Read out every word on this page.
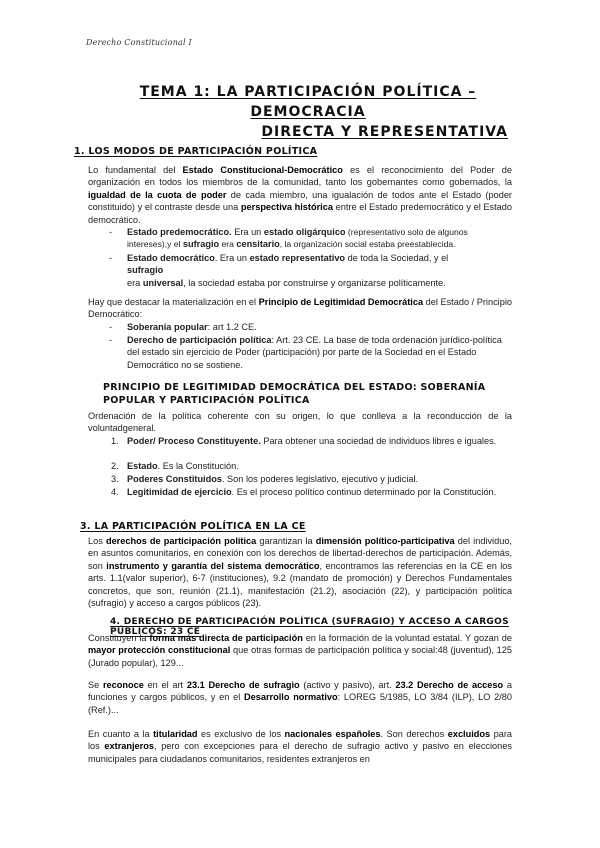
Derecho Constitucional I
TEMA 1: LA PARTICIPACIÓN POLÍTICA – DEMOCRACIA
DIRECTA Y REPRESENTATIVA
1. LOS MODOS DE PARTICIPACIÓN POLÍTICA
Lo fundamental del Estado Constitucional-Democrático es el reconocimiento del Poder de organización en todos los miembros de la comunidad, tanto los gobernantes como gobernados, la igualdad de la cuota de poder de cada miembro, una igualación de todos ante el Estado (poder constituido) y el contraste desde una perspectiva histórica entre el Estado predemocrático y el Estado democrático.
- Estado predemocrático. Era un estado oligárquico (representativo solo de algunos intereses),y el sufragio era censitario, la organización social estaba preestablecida.
- Estado democrático. Era un estado representativo de toda la Sociedad, y el
sufragio
era universal, la sociedad estaba por construirse y organizarse políticamente.
Hay que destacar la materialización en el Principio de Legitimidad Democrática del Estado / Principio Democrático:
- Soberanía popular: art 1.2 CE.
- Derecho de participación política: Art. 23 CE. La base de toda ordenación jurídico-política del estado sin ejercicio de Poder (participación) por parte de la Sociedad en el Estado Democrático no se sostiene.
PRINCIPIO DE LEGITIMIDAD DEMOCRÁTICA DEL ESTADO: SOBERANÍA POPULAR Y PARTICIPACIÓN POLÍTICA
Ordenación de la política coherente con su origen, lo que conlleva a la reconducción de la voluntadgeneral.
1. Poder/ Proceso Constituyente. Para obtener una sociedad de individuos libres e iguales.
2. Estado. Es la Constitución.
3. Poderes Constituidos. Son los poderes legislativo, ejecutivo y judicial.
4. Legitimidad de ejercicio. Es el proceso político continuo determinado por la Constitución.
3. LA PARTICIPACIÓN POLÍTICA EN LA CE
Los derechos de participación política garantizan la dimensión político-participativa del individuo, en asuntos comunitarios, en conexión con los derechos de libertad-derechos de participación. Además, son instrumento y garantía del sistema democrático, encontramos las referencias en la CE en los arts. 1.1(valor superior), 6-7 (instituciones), 9.2 (mandato de promoción) y Derechos Fundamentales concretos, que son, reunión (21.1), manifestación (21.2), asociación (22), y participación política (sufragio) y acceso a cargos públicos (23).
4. DERECHO DE PARTICIPACIÓN POLÍTICA (SUFRAGIO) Y ACCESO A CARGOS PÚBLICOS: 23 CE
Constituyen la forma más directa de participación en la formación de la voluntad estatal. Y gozan de mayor protección constitucional que otras formas de participación política y social:48 (juventud), 125 (Jurado popular), 129...
Se reconoce en el art 23.1 Derecho de sufragio (activo y pasivo), art. 23.2 Derecho de acceso a funciones y cargos públicos, y en el Desarrollo normativo: LOREG 5/1985, LO 3/84 (ILP), LO 2/80 (Ref.)...
En cuanto a la titularidad es exclusivo de los nacionales españoles. Son derechos excluidos para los extranjeros, pero con excepciones para el derecho de sufragio activo y pasivo en elecciones municipales para ciudadanos comunitarios, residentes extranjeros en
